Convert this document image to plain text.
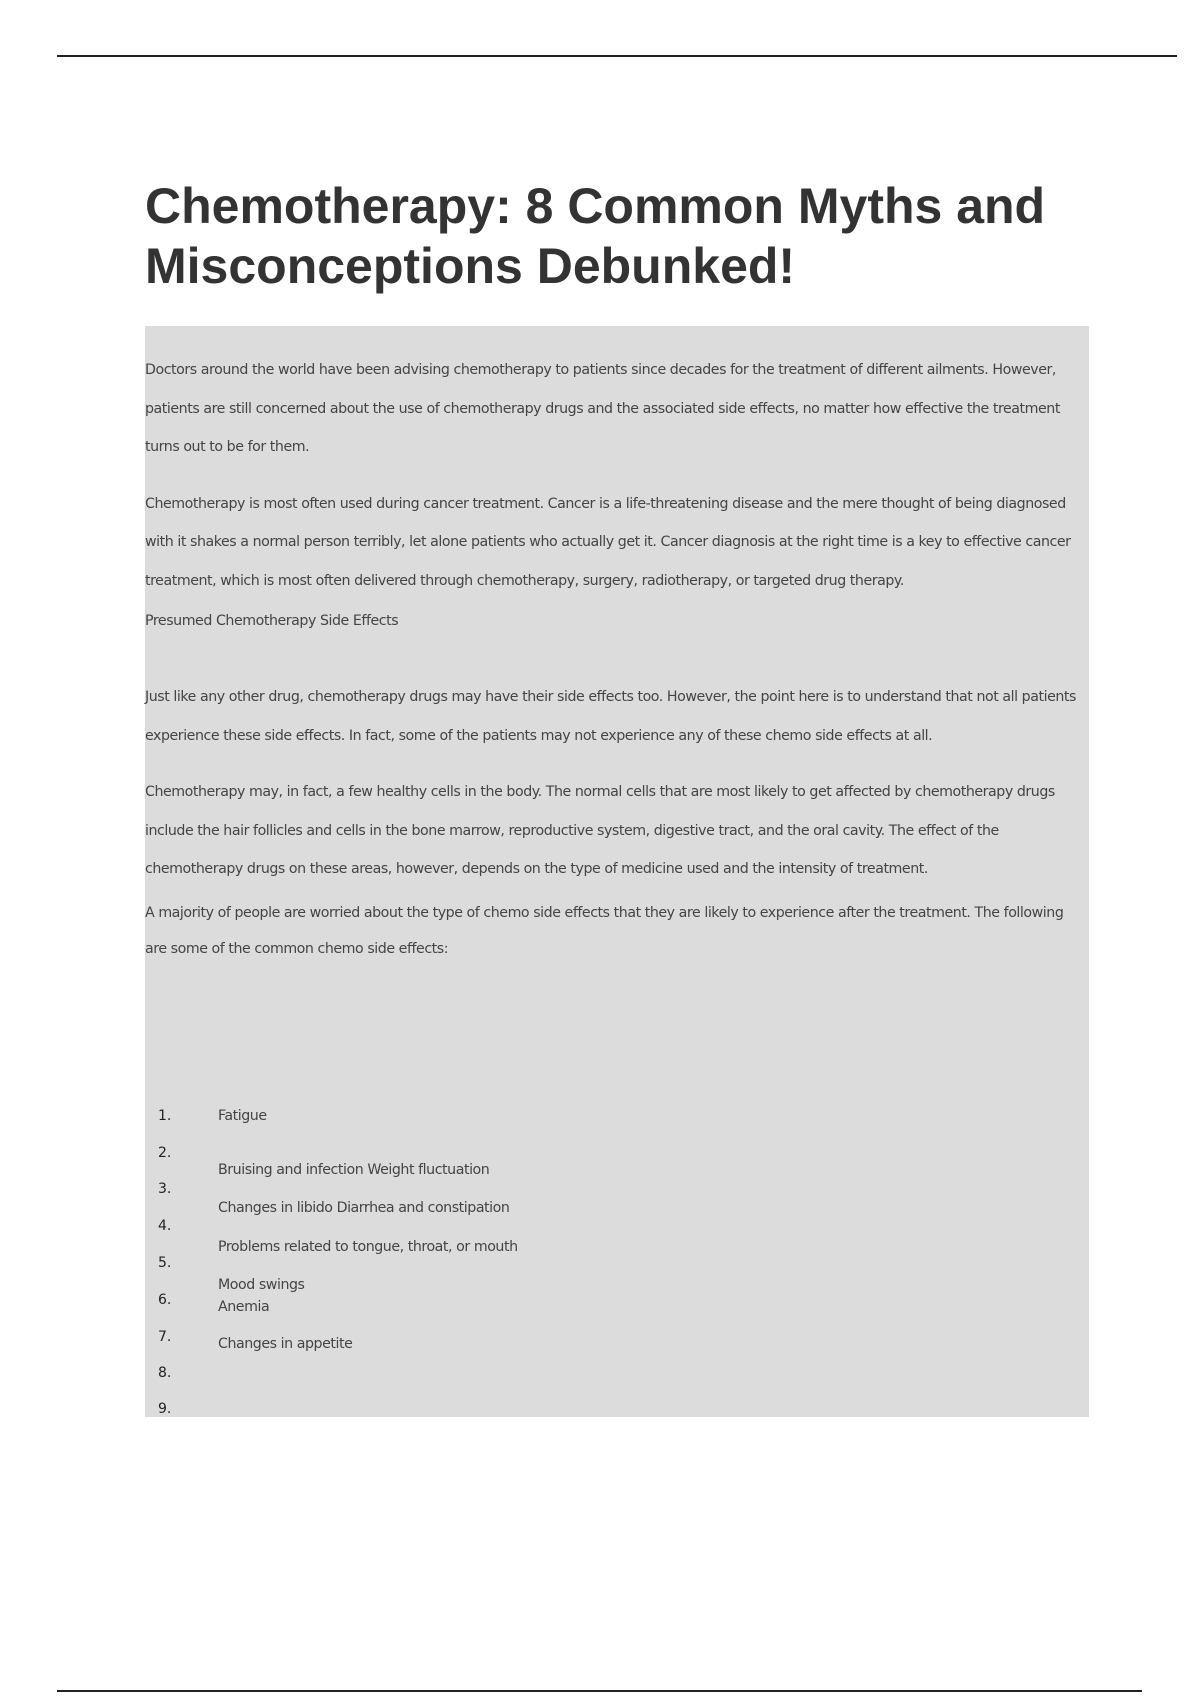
Chemotherapy: 8 Common Myths and Misconceptions Debunked!

Doctors around the world have been advising chemotherapy to patients since decades for the treatment of different ailments. However, patients are still concerned about the use of chemotherapy drugs and the associated side effects, no matter how effective the treatment turns out to be for them.

Chemotherapy is most often used during cancer treatment. Cancer is a life-threatening disease and the mere thought of being diagnosed with it shakes a normal person terribly, let alone patients who actually get it. Cancer diagnosis at the right time is a key to effective cancer treatment, which is most often delivered through chemotherapy, surgery, radiotherapy, or targeted drug therapy.

Presumed Chemotherapy Side Effects

Just like any other drug, chemotherapy drugs may have their side effects too. However, the point here is to understand that not all patients experience these side effects. In fact, some of the patients may not experience any of these chemo side effects at all.

Chemotherapy may, in fact, a few healthy cells in the body. The normal cells that are most likely to get affected by chemotherapy drugs include the hair follicles and cells in the bone marrow, reproductive system, digestive tract, and the oral cavity. The effect of the chemotherapy drugs on these areas, however, depends on the type of medicine used and the intensity of treatment.

A majority of people are worried about the type of chemo side effects that they are likely to experience after the treatment. The following are some of the common chemo side effects:

1.
2.
3.
4.
5.
6.
7.
8.
9.
Fatigue
Bruising and infection Weight fluctuation
Changes in libido Diarrhea and constipation
Problems related to tongue, throat, or mouth
Mood swings
Anemia
Changes in appetite
